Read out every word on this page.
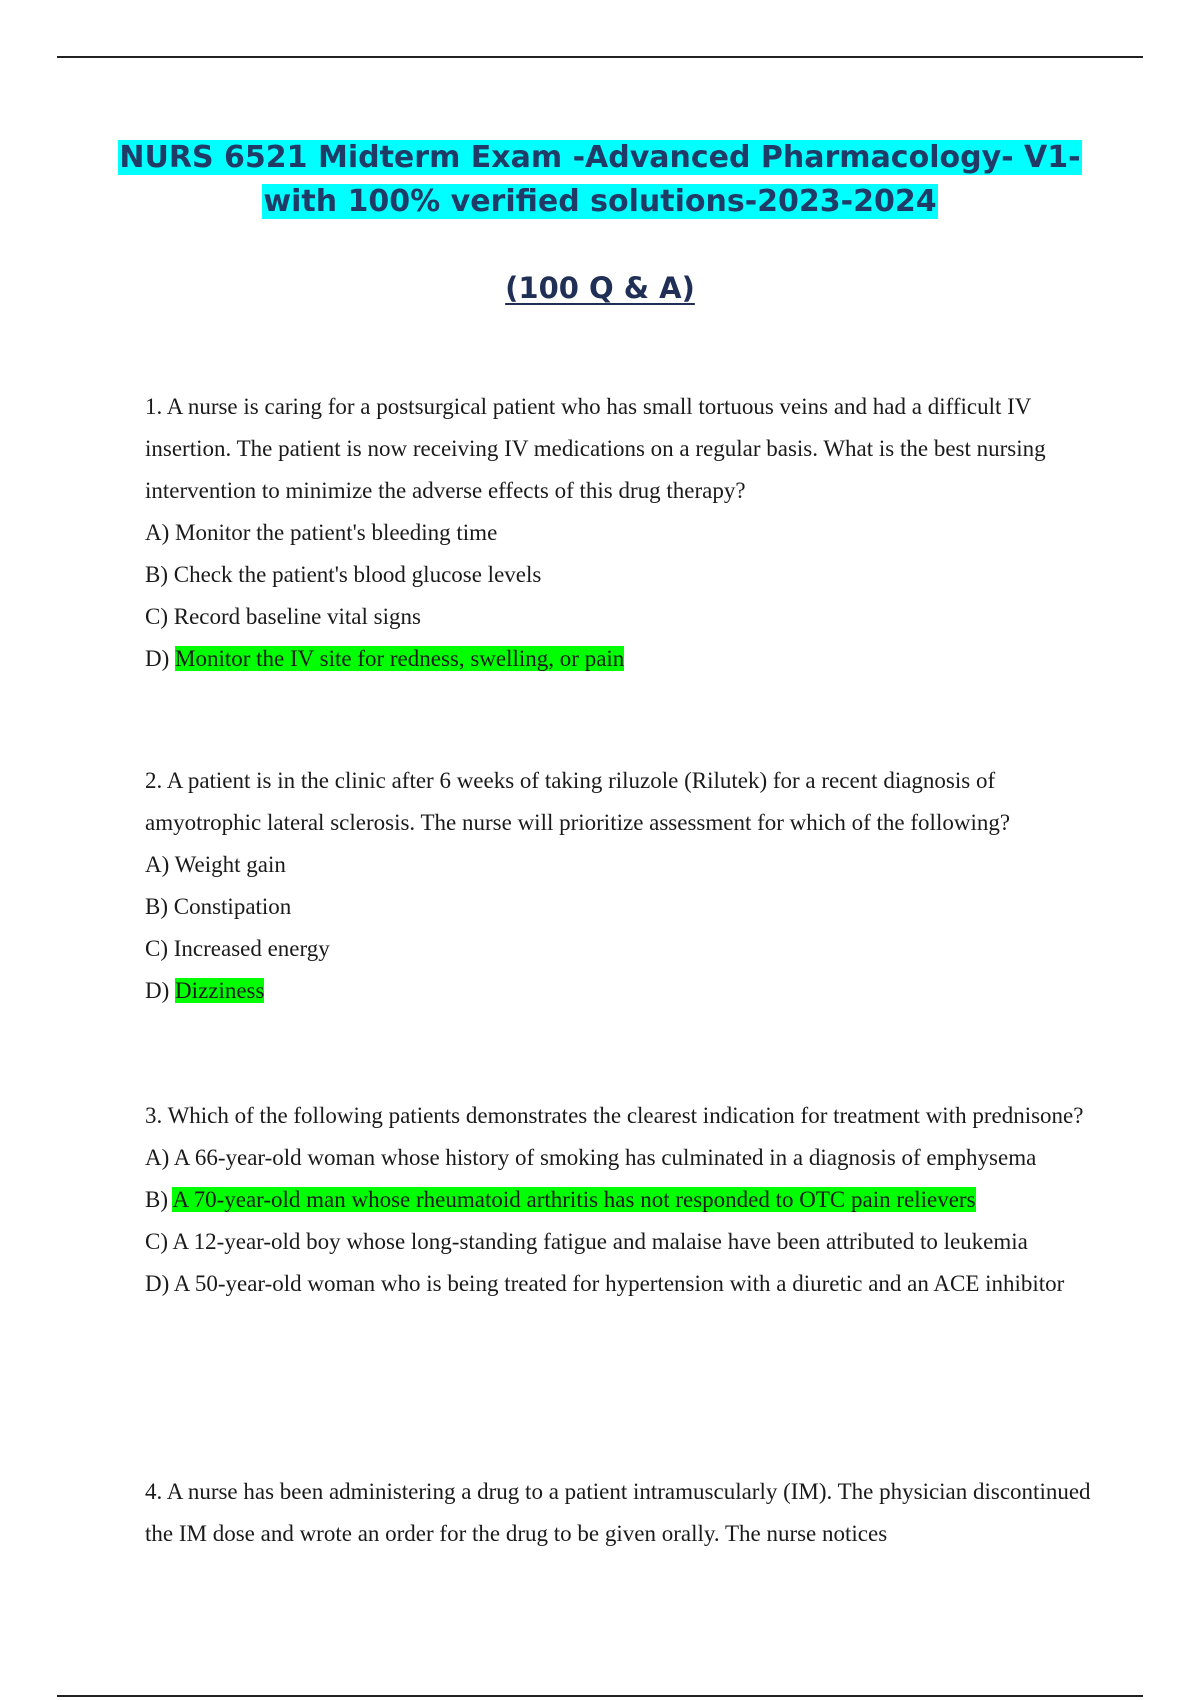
NURS 6521 Midterm Exam -Advanced Pharmacology- V1-
with 100% verified solutions-2023-2024
(100 Q & A)

1. A nurse is caring for a postsurgical patient who has small tortuous veins and had a difficult IV insertion. The patient is now receiving IV medications on a regular basis. What is the best nursing intervention to minimize the adverse effects of this drug therapy?

A) Monitor the patient's bleeding time

B) Check the patient's blood glucose levels

C) Record baseline vital signs

D) Monitor the IV site for redness, swelling, or pain

2. A patient is in the clinic after 6 weeks of taking riluzole (Rilutek) for a recent diagnosis of amyotrophic lateral sclerosis. The nurse will prioritize assessment for which of the following?

A) Weight gain

B) Constipation

C) Increased energy

D) Dizziness

3. Which of the following patients demonstrates the clearest indication for treatment with prednisone?

A) A 66-year-old woman whose history of smoking has culminated in a diagnosis of emphysema

B) A 70-year-old man whose rheumatoid arthritis has not responded to OTC pain relievers

C) A 12-year-old boy whose long-standing fatigue and malaise have been attributed to leukemia

D) A 50-year-old woman who is being treated for hypertension with a diuretic and an ACE inhibitor

4. A nurse has been administering a drug to a patient intramuscularly (IM). The physician discontinued the IM dose and wrote an order for the drug to be given orally. The nurse notices
